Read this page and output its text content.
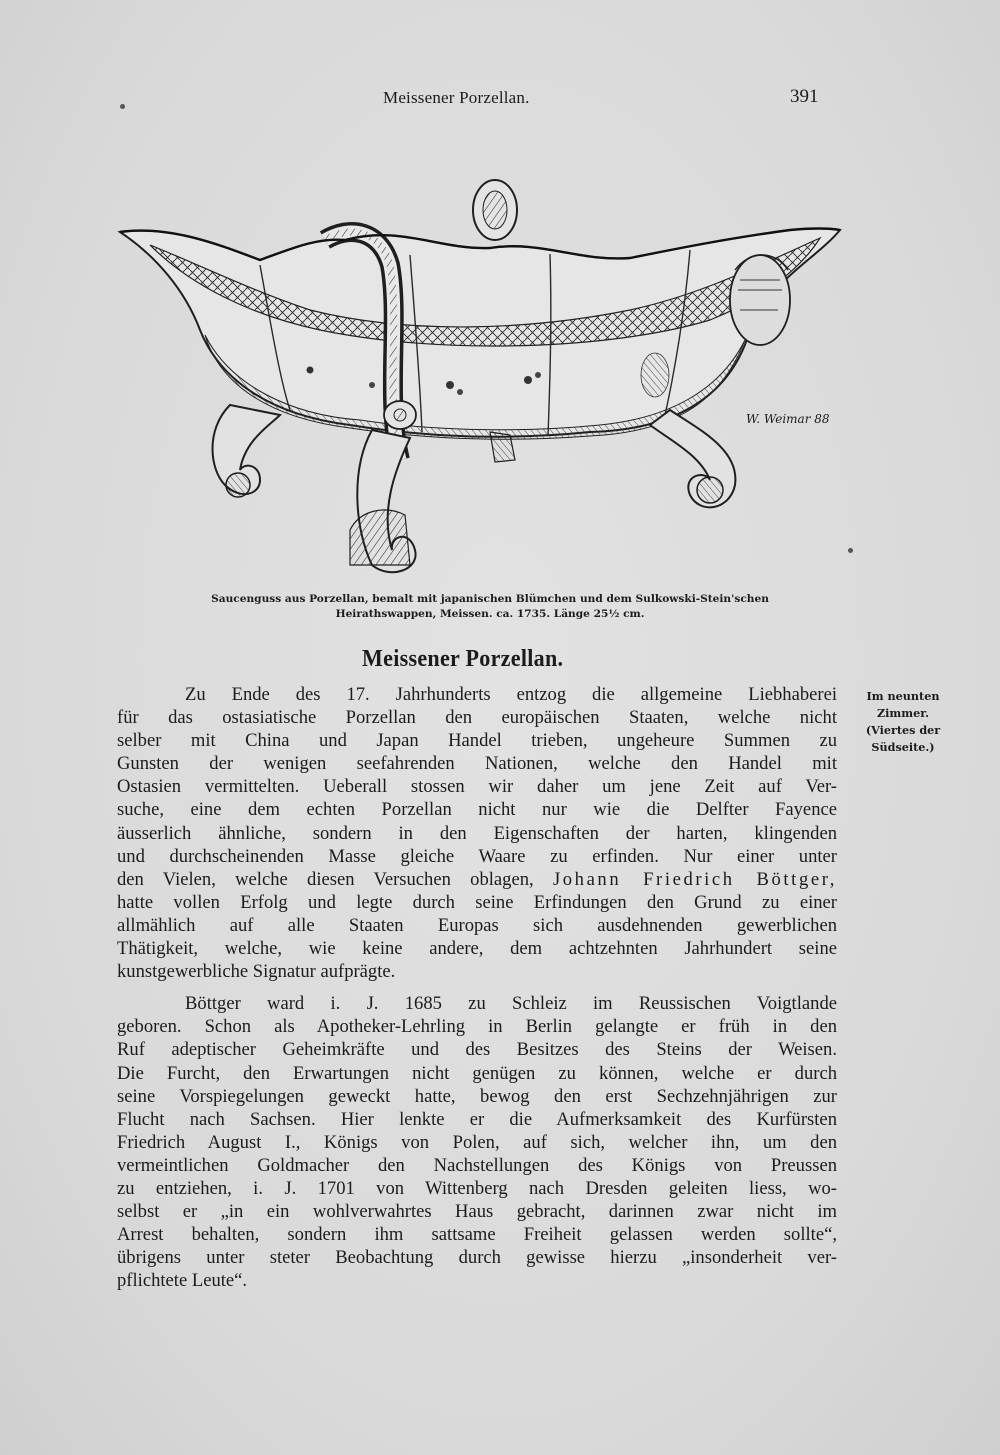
Meissener Porzellan.	391
W. Weimar 88
Saucenguss aus Porzellan, bemalt mit japanischen Blümchen und dem Sulkowski-Stein'schen
Heirathswappen, Meissen. ca. 1735. Länge 25½ cm.
Meissener Porzellan.
Im neunten
Zimmer.
(Viertes der
Südseite.)

Zu Ende des 17. Jahrhunderts entzog die allgemeine Liebhaberei
für das ostasiatische Porzellan den europäischen Staaten, welche nicht
selber mit China und Japan Handel trieben, ungeheure Summen zu
Gunsten der wenigen seefahrenden Nationen, welche den Handel mit
Ostasien vermittelten. Ueberall stossen wir daher um jene Zeit auf Ver-
suche, eine dem echten Porzellan nicht nur wie die Delfter Fayence
äusserlich ähnliche, sondern in den Eigenschaften der harten, klingenden
und durchscheinenden Masse gleiche Waare zu erfinden. Nur einer unter
den Vielen, welche diesen Versuchen oblagen, Johann Friedrich Böttger,
hatte vollen Erfolg und legte durch seine Erfindungen den Grund zu einer
allmählich auf alle Staaten Europas sich ausdehnenden gewerblichen
Thätigkeit, welche, wie keine andere, dem achtzehnten Jahrhundert seine
kunstgewerbliche Signatur aufprägte.

Böttger ward i. J. 1685 zu Schleiz im Reussischen Voigtlande
geboren. Schon als Apotheker-Lehrling in Berlin gelangte er früh in den
Ruf adeptischer Geheimkräfte und des Besitzes des Steins der Weisen.
Die Furcht, den Erwartungen nicht genügen zu können, welche er durch
seine Vorspiegelungen geweckt hatte, bewog den erst Sechzehnjährigen zur
Flucht nach Sachsen. Hier lenkte er die Aufmerksamkeit des Kurfürsten
Friedrich August I., Königs von Polen, auf sich, welcher ihn, um den
vermeintlichen Goldmacher den Nachstellungen des Königs von Preussen
zu entziehen, i. J. 1701 von Wittenberg nach Dresden geleiten liess, wo-
selbst er „in ein wohlverwahrtes Haus gebracht, darinnen zwar nicht im
Arrest behalten, sondern ihm sattsame Freiheit gelassen werden sollte“,
übrigens unter steter Beobachtung durch gewisse hierzu „insonderheit ver-
pflichtete Leute“.
